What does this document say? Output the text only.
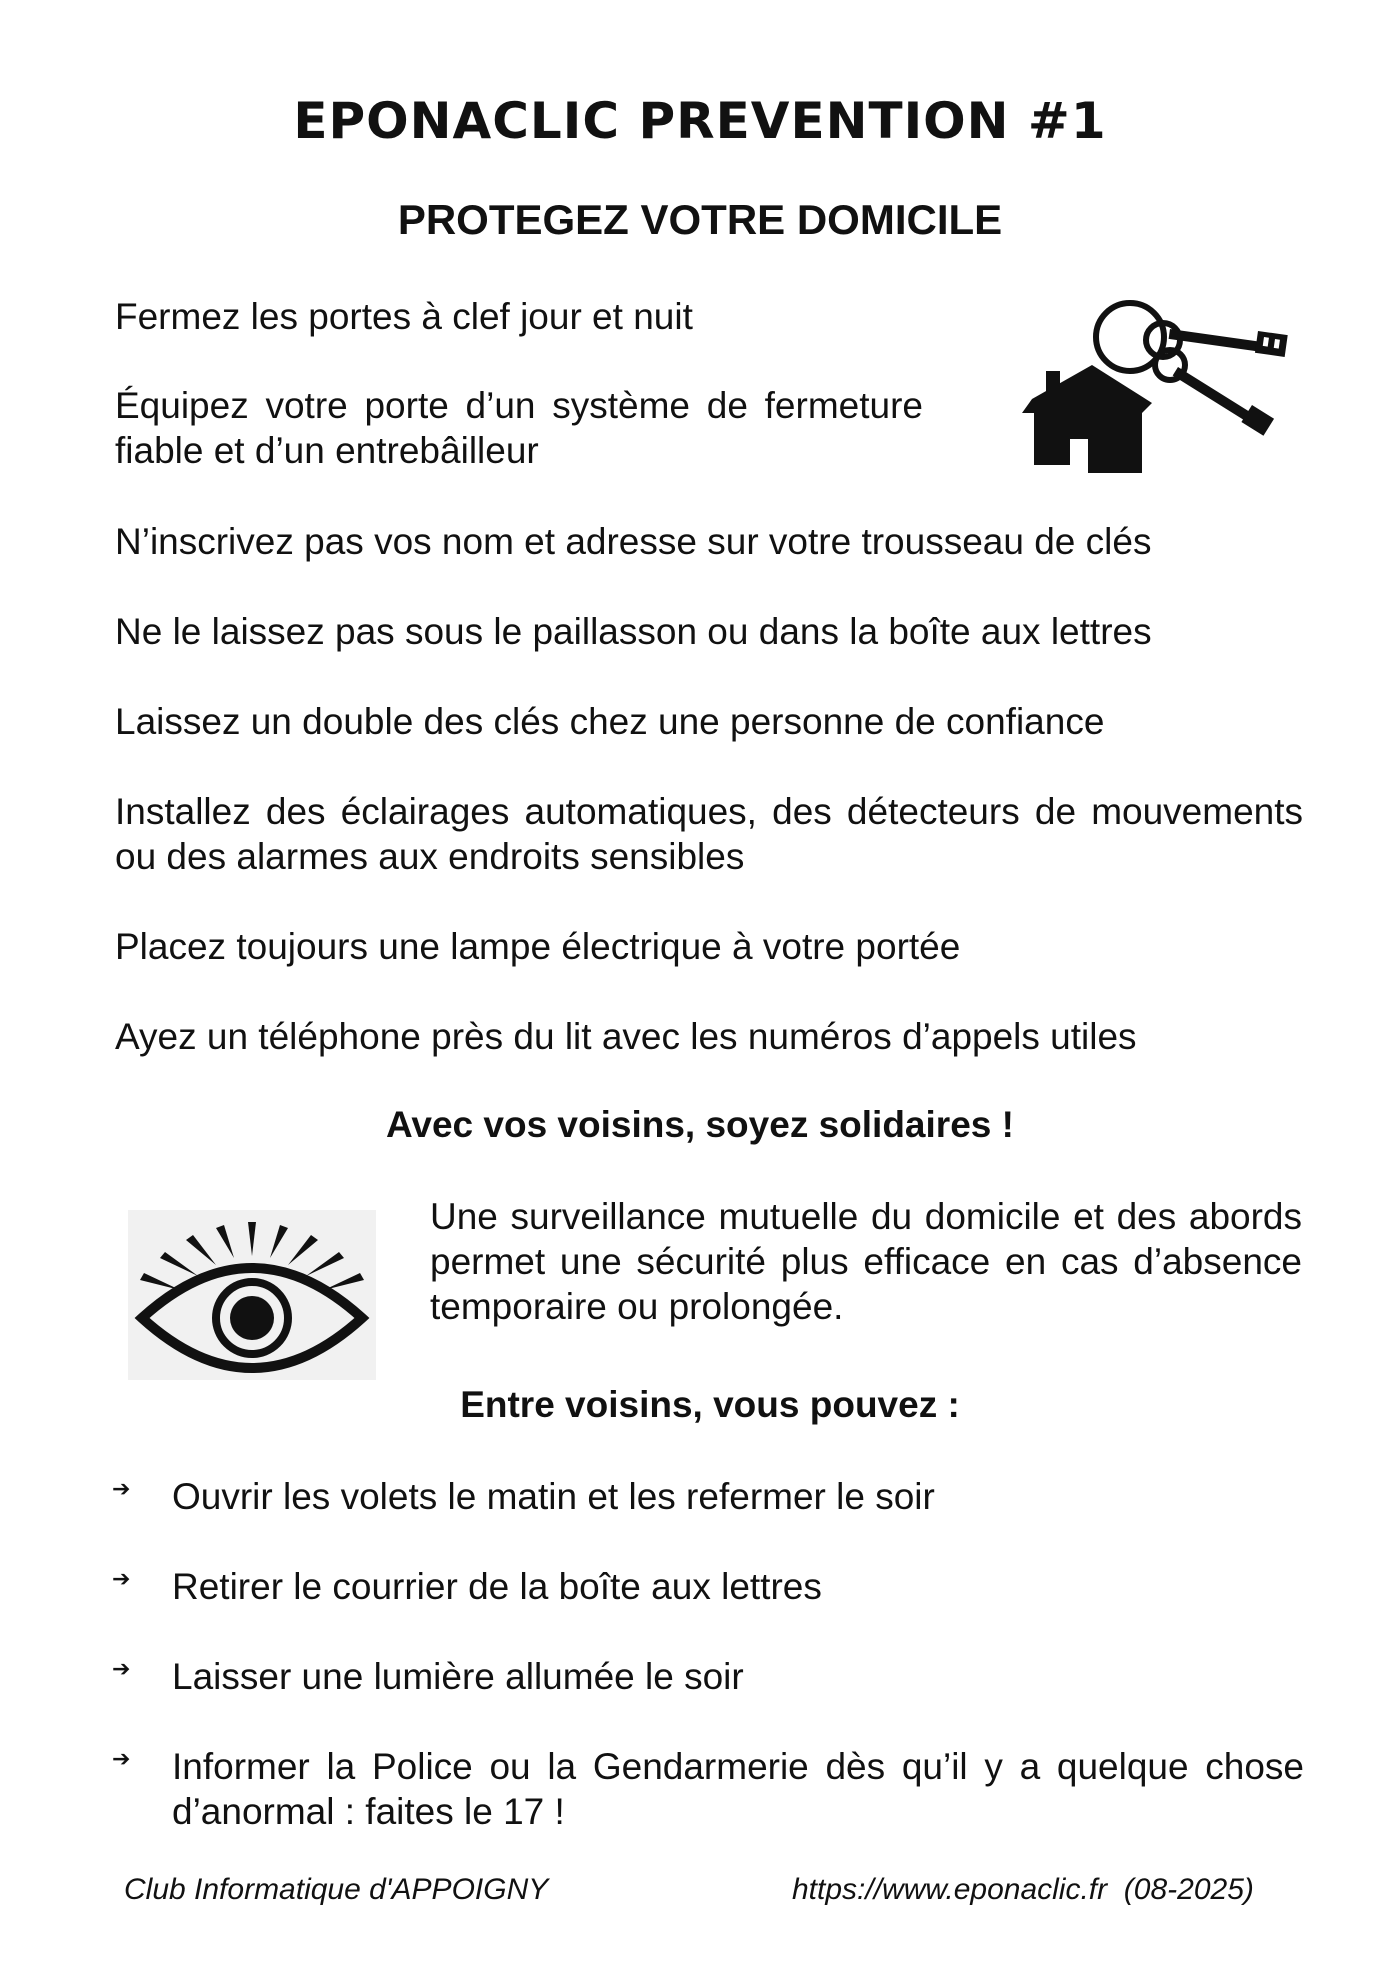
EPONACLIC PREVENTION #1
PROTEGEZ VOTRE DOMICILE
Fermez les portes à clef jour et nuit
Équipez votre porte d’un système de fermeture fiable et d’un entrebâilleur
N’inscrivez pas vos nom et adresse sur votre trousseau de clés
Ne le laissez pas sous le paillasson ou dans la boîte aux lettres
Laissez un double des clés chez une personne de confiance
Installez des éclairages automatiques, des détecteurs de mouvements ou des alarmes aux endroits sensibles
Placez toujours une lampe électrique à votre portée
Ayez un téléphone près du lit avec les numéros d’appels utiles
Avec vos voisins, soyez solidaires !
Une surveillance mutuelle du domicile et des abords permet une sécurité plus efficace en cas d’absence temporaire ou prolongée.
Entre voisins, vous pouvez :
➔ Ouvrir les volets le matin et les refermer le soir
➔ Retirer le courrier de la boîte aux lettres
➔ Laisser une lumière allumée le soir
➔ Informer la Police ou la Gendarmerie dès qu’il y a quelque chose d’anormal : faites le 17 !
Club Informatique d'APPOIGNY	https://www.eponaclic.fr  (08-2025)
